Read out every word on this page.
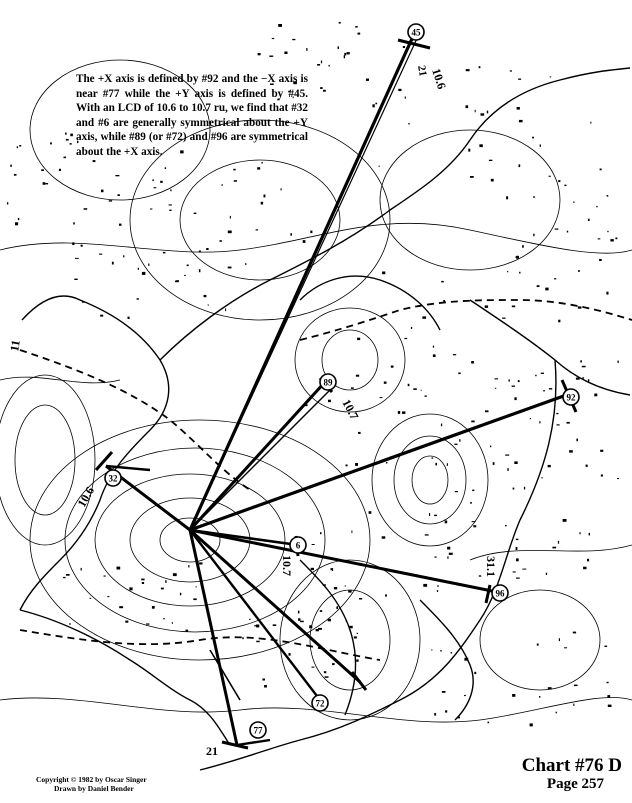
45
92
89
96
6
32
77
72
10.6
10.7
10.7
31.1
21
11
10.6
21
The +X axis is defined by #92 and the −X axis is near #77 while the +Y axis is defined by #45. With an LCD of 10.6 to 10.7 ru, we find that #32 and #6 are generally symmetrical about the +Y axis, while #89 (or #72) and #96 are symmetrical about the +X axis.
Copyright © 1982 by Oscar Singer
Drawn by Daniel Bender
Chart #76 D
Page 257
